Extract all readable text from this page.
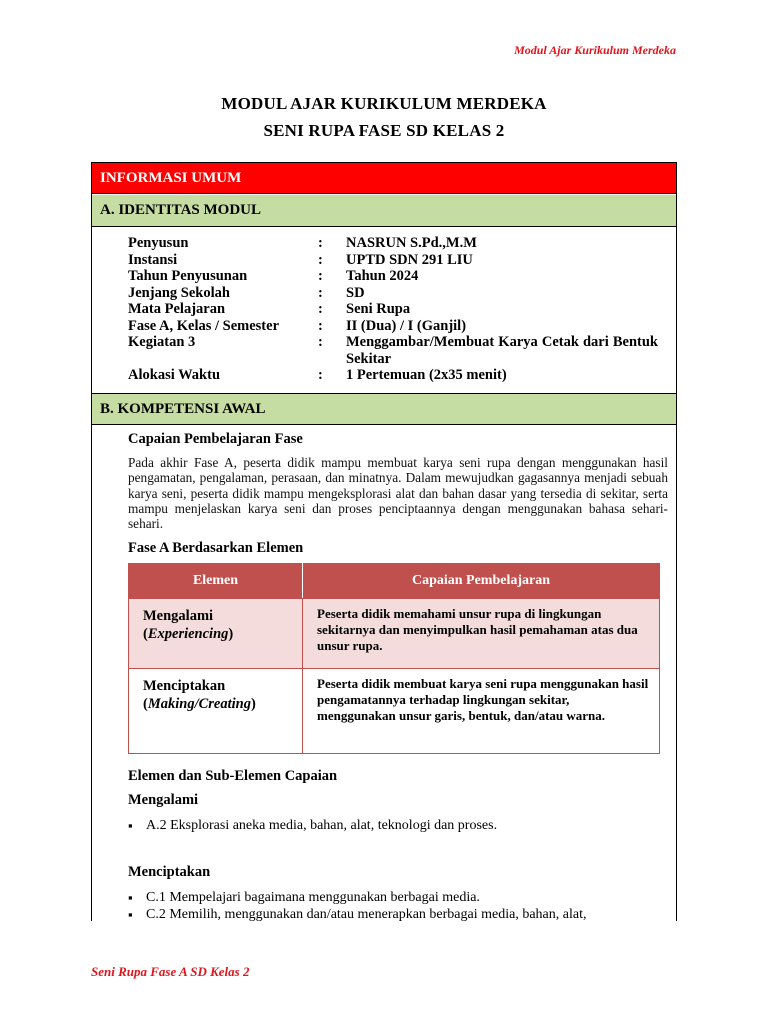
Modul Ajar Kurikulum Merdeka
MODUL AJAR KURIKULUM MERDEKA
SENI RUPA FASE SD KELAS 2
INFORMASI UMUM
A. IDENTITAS MODUL
Penyusun	:	NASRUN S.Pd.,M.M
Instansi	:	UPTD SDN 291 LIU
Tahun Penyusunan	:	Tahun 2024
Jenjang Sekolah	:	SD
Mata Pelajaran	:	Seni Rupa
Fase A, Kelas / Semester	:	II (Dua) / I (Ganjil)
Kegiatan 3	:	Menggambar/Membuat Karya Cetak dari Bentuk Sekitar
Alokasi Waktu	:	1 Pertemuan (2x35 menit)
B. KOMPETENSI AWAL
Capaian Pembelajaran Fase
Pada akhir Fase A, peserta didik mampu membuat karya seni rupa dengan menggunakan hasil pengamatan, pengalaman, perasaan, dan minatnya. Dalam mewujudkan gagasannya menjadi sebuah karya seni, peserta didik mampu mengeksplorasi alat dan bahan dasar yang tersedia di sekitar, serta mampu menjelaskan karya seni dan proses penciptaannya dengan menggunakan bahasa sehari-sehari.
Fase A Berdasarkan Elemen
Elemen	Capaian Pembelajaran
Mengalami
(Experiencing)	Peserta didik memahami unsur rupa di lingkungan sekitarnya dan menyimpulkan hasil pemahaman atas dua unsur rupa.
Menciptakan
(Making/Creating)	Peserta didik membuat karya seni rupa menggunakan hasil pengamatannya terhadap lingkungan sekitar, menggunakan unsur garis, bentuk, dan/atau warna.
Elemen dan Sub-Elemen Capaian
Mengalami
▪ A.2 Eksplorasi aneka media, bahan, alat, teknologi dan proses.
Menciptakan
▪ C.1 Mempelajari bagaimana menggunakan berbagai media.
▪ C.2 Memilih, menggunakan dan/atau menerapkan berbagai media, bahan, alat,
Seni Rupa Fase A SD Kelas 2
